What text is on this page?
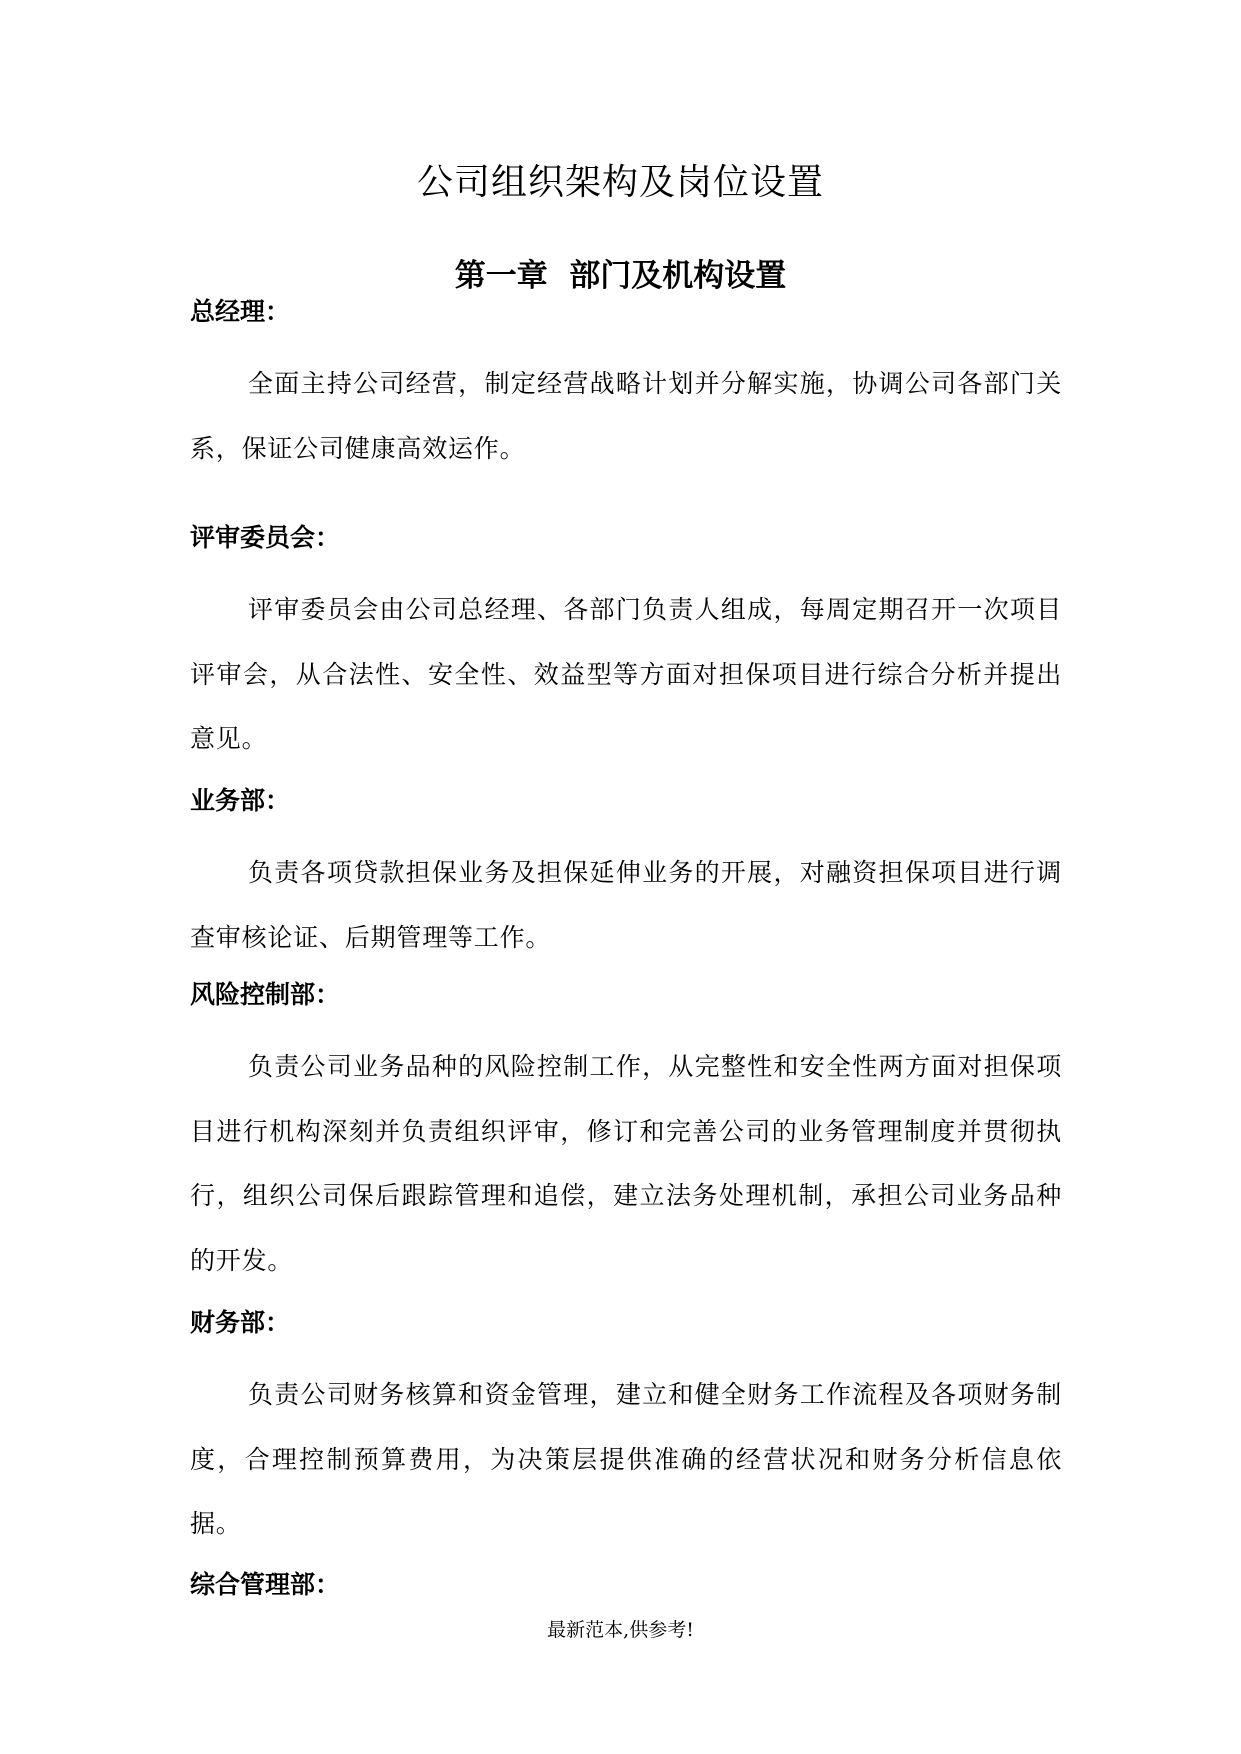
公司组织架构及岗位设置
第一章  部门及机构设置
总经理：

全面主持公司经营，制定经营战略计划并分解实施，协调公司各部门关系，保证公司健康高效运作。

评审委员会：

评审委员会由公司总经理、各部门负责人组成，每周定期召开一次项目评审会，从合法性、安全性、效益型等方面对担保项目进行综合分析并提出意见。

业务部：

负责各项贷款担保业务及担保延伸业务的开展，对融资担保项目进行调查审核论证、后期管理等工作。

风险控制部：

负责公司业务品种的风险控制工作，从完整性和安全性两方面对担保项目进行机构深刻并负责组织评审，修订和完善公司的业务管理制度并贯彻执行，组织公司保后跟踪管理和追偿，建立法务处理机制，承担公司业务品种的开发。

财务部：

负责公司财务核算和资金管理，建立和健全财务工作流程及各项财务制度，合理控制预算费用，为决策层提供准确的经营状况和财务分析信息依据。

综合管理部：
最新范本,供参考!
